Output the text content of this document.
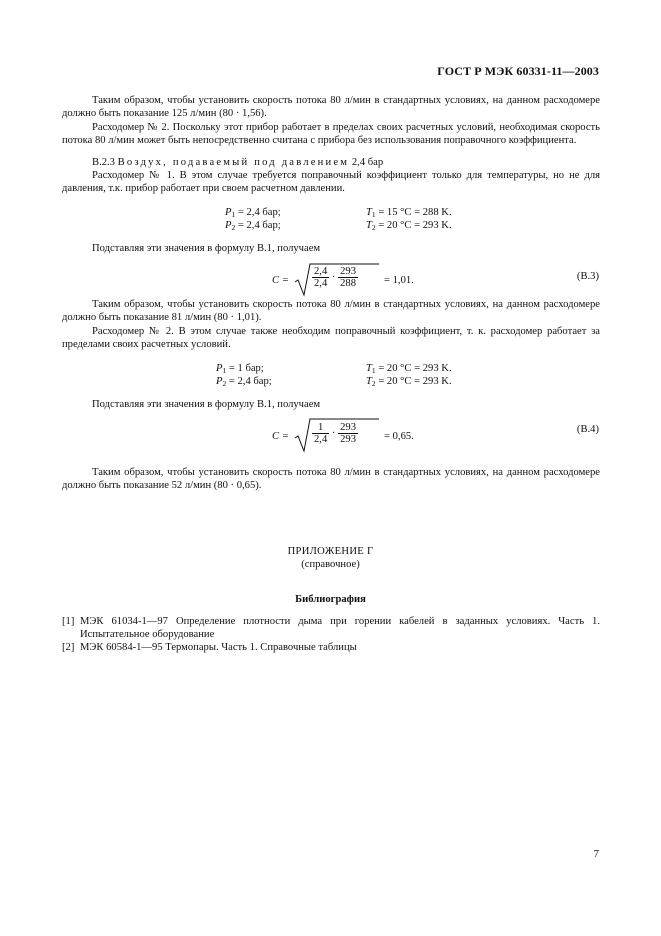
ГОСТ Р МЭК 60331-11—2003
Таким образом, чтобы установить скорость потока 80 л/мин в стандартных условиях, на данном расходомере должно быть показание 125 л/мин (80 · 1,56).
Расходомер № 2. Поскольку этот прибор работает в пределах своих расчетных условий, необходимая скорость потока 80 л/мин может быть непосредственно считана с прибора без использования поправочного коэффициента.
В.2.3 Воздух, подаваемый под давлением 2,4 бар
Расходомер № 1. В этом случае требуется поправочный коэффициент только для температуры, но не для давления, т.к. прибор работает при своем расчетном давлении.
$P_1 = 2,4$ бар;
$P_2 = 2,4$ бар;
$T_1 = 15$ °C = 288 K.
$T_2 = 20$ °C = 293 K.
Подставляя эти значения в формулу В.1, получаем
$C = \frac{2,4}{2,4} \cdot \frac{293}{288} = 1,01$.	(В.3)
Таким образом, чтобы установить скорость потока 80 л/мин в стандартных условиях, на данном расходомере должно быть показание 81 л/мин (80 · 1,01).
Расходомер № 2. В этом случае также необходим поправочный коэффициент, т. к. расходомер работает за пределами своих расчетных условий.
$P_1 = 1$ бар;
$P_2 = 2,4$ бар;
$T_1 = 20$ °C = 293 K.
$T_2 = 20$ °C = 293 K.
Подставляя эти значения в формулу В.1, получаем
$C = \frac{1}{2,4} \cdot \frac{293}{293} = 0,65$.
(В.4)
Таким образом, чтобы установить скорость потока 80 л/мин в стандартных условиях, на данном расходомере должно быть показание 52 л/мин (80 · 0,65).
ПРИЛОЖЕНИЕ Г
(справочное)
Библиография
[1] МЭК 61034-1—97 Определение плотности дыма при горении кабелей в заданных условиях. Часть 1. Испытательное оборудование
[2] МЭК 60584-1—95 Термопары. Часть 1. Справочные таблицы
7
